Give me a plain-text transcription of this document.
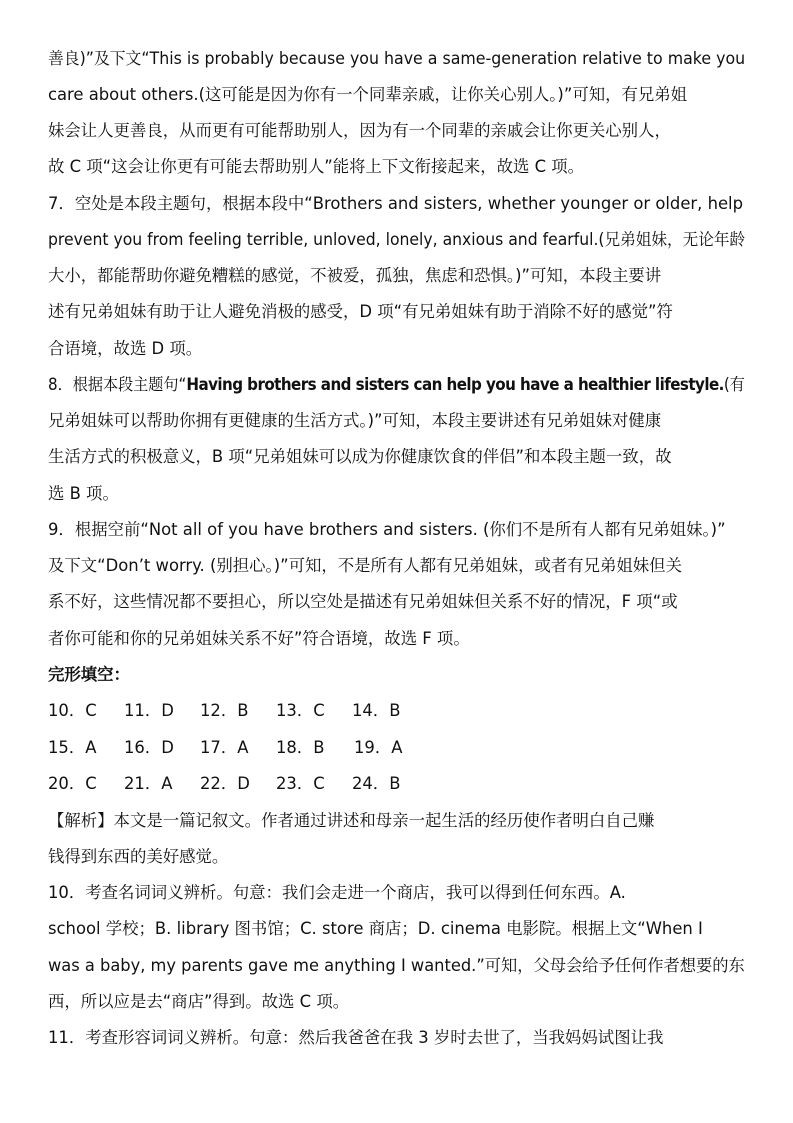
善良)”及下文“This is probably because you have a same-generation relative to make you
care about others.(这可能是因为你有一个同辈亲戚，让你关心别人。)”可知，有兄弟姐
妹会让人更善良，从而更有可能帮助别人，因为有一个同辈的亲戚会让你更关心别人，
故 C 项“这会让你更有可能去帮助别人”能将上下文衔接起来，故选 C 项。
7．空处是本段主题句，根据本段中“Brothers and sisters, whether younger or older, help
prevent you from feeling terrible, unloved, lonely, anxious and fearful.(兄弟姐妹，无论年龄
大小，都能帮助你避免糟糕的感觉，不被爱，孤独，焦虑和恐惧。)”可知，本段主要讲
述有兄弟姐妹有助于让人避免消极的感受，D 项“有兄弟姐妹有助于消除不好的感觉”符
合语境，故选 D 项。
8．根据本段主题句“Having brothers and sisters can help you have a healthier lifestyle.(有
兄弟姐妹可以帮助你拥有更健康的生活方式。)”可知，本段主要讲述有兄弟姐妹对健康
生活方式的积极意义，B 项“兄弟姐妹可以成为你健康饮食的伴侣”和本段主题一致，故
选 B 项。
9．根据空前“Not all of you have brothers and sisters. (你们不是所有人都有兄弟姐妹。)”
及下文“Don’t worry. (别担心。)”可知，不是所有人都有兄弟姐妹，或者有兄弟姐妹但关
系不好，这些情况都不要担心，所以空处是描述有兄弟姐妹但关系不好的情况，F 项“或
者你可能和你的兄弟姐妹关系不好”符合语境，故选 F 项。
完形填空：
10．C 11．D 12．B 13．C 14．B
15．A 16．D 17．A 18．B 19．A
20．C 21．A 22．D 23．C 24．B
【解析】本文是一篇记叙文。作者通过讲述和母亲一起生活的经历使作者明白自己赚
钱得到东西的美好感觉。
10．考查名词词义辨析。句意：我们会走进一个商店，我可以得到任何东西。A.
school 学校；B. library 图书馆；C. store 商店；D. cinema 电影院。根据上文“When I
was a baby, my parents gave me anything I wanted.”可知，父母会给予任何作者想要的东
西，所以应是去“商店”得到。故选 C 项。
11．考查形容词词义辨析。句意：然后我爸爸在我 3 岁时去世了，当我妈妈试图让我
